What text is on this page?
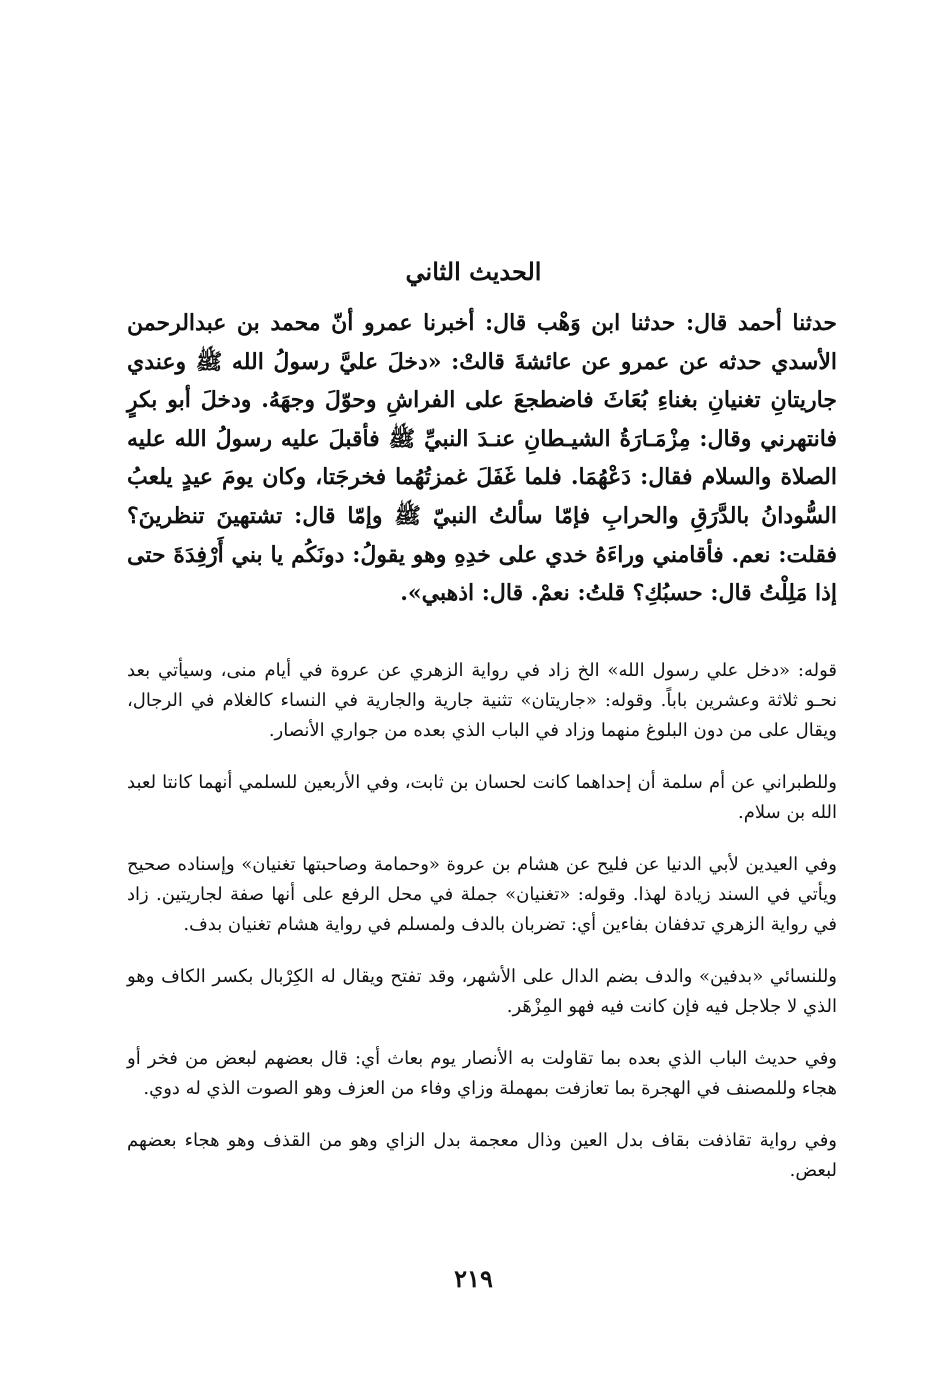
الحديث الثاني

حدثنا أحمد قال: حدثنا ابن وَهْب قال: أخبرنا عمرو أنّ محمد بن عبدالرحمن الأسدي حدثه عن عمرو عن عائشةَ قالتْ: «دخلَ عليَّ رسولُ الله ﷺ وعندي جاريتانِ تغنيانِ بغناءِ بُعَاثَ فاضطجعَ على الفراشِ وحوّلَ وجهَهُ. ودخلَ أبو بكرٍ فانتهرني وقال: مِزْمَـارَةُ الشيـطانِ عنـدَ النبيِّ ﷺ فأقبلَ عليه رسولُ الله عليه الصلاة والسلام فقال: دَعْهُمَا. فلما غَفَلَ غمزتُهُما فخرجَتا، وكان يومَ عيدٍ يلعبُ السُّودانُ بالدَّرَقِ والحرابِ فإمّا سألتُ النبيّ ﷺ وإمّا قال: تشتهينَ تنظرينَ؟ فقلت: نعم. فأقامني وراءَهُ خدي على خدِهِ وهو يقولُ: دونَكُم يا بني أَرْفِدَةَ حتى إذا مَلِلْتُ قال: حسبُكِ؟ قلتُ: نعمْ. قال: اذهبي».

قوله: «دخل علي رسول الله» الخ زاد في رواية الزهري عن عروة في أيام منى، وسيأتي بعد نحـو ثلاثة وعشرين باباً. وقوله: «جاريتان» تثنية جارية والجارية في النساء كالغلام في الرجال، ويقال على من دون البلوغ منهما وزاد في الباب الذي بعده من جواري الأنصار.

وللطبراني عن أم سلمة أن إحداهما كانت لحسان بن ثابت، وفي الأربعين للسلمي أنهما كانتا لعبد الله بن سلام.

وفي العيدين لأبي الدنيا عن فليح عن هشام بن عروة «وحمامة وصاحبتها تغنيان» وإسناده صحيح ويأتي في السند زيادة لهذا. وقوله: «تغنيان» جملة في محل الرفع على أنها صفة لجاريتين. زاد في رواية الزهري تدففان بفاءين أي: تضربان بالدف ولمسلم في رواية هشام تغنيان بدف.

وللنسائي «بدفين» والدف بضم الدال على الأشهر، وقد تفتح ويقال له الكِرْبال بكسر الكاف وهو الذي لا جلاجل فيه فإن كانت فيه فهو المِزْهَر.

وفي حديث الباب الذي بعده بما تقاولت به الأنصار يوم بعاث أي: قال بعضهم لبعض من فخر أو هجاء وللمصنف في الهجرة بما تعازفت بمهملة وزاي وفاء من العزف وهو الصوت الذي له دوي.

وفي رواية تقاذفت بقاف بدل العين وذال معجمة بدل الزاي وهو من القذف وهو هجاء بعضهم لبعض.

٢١٩
